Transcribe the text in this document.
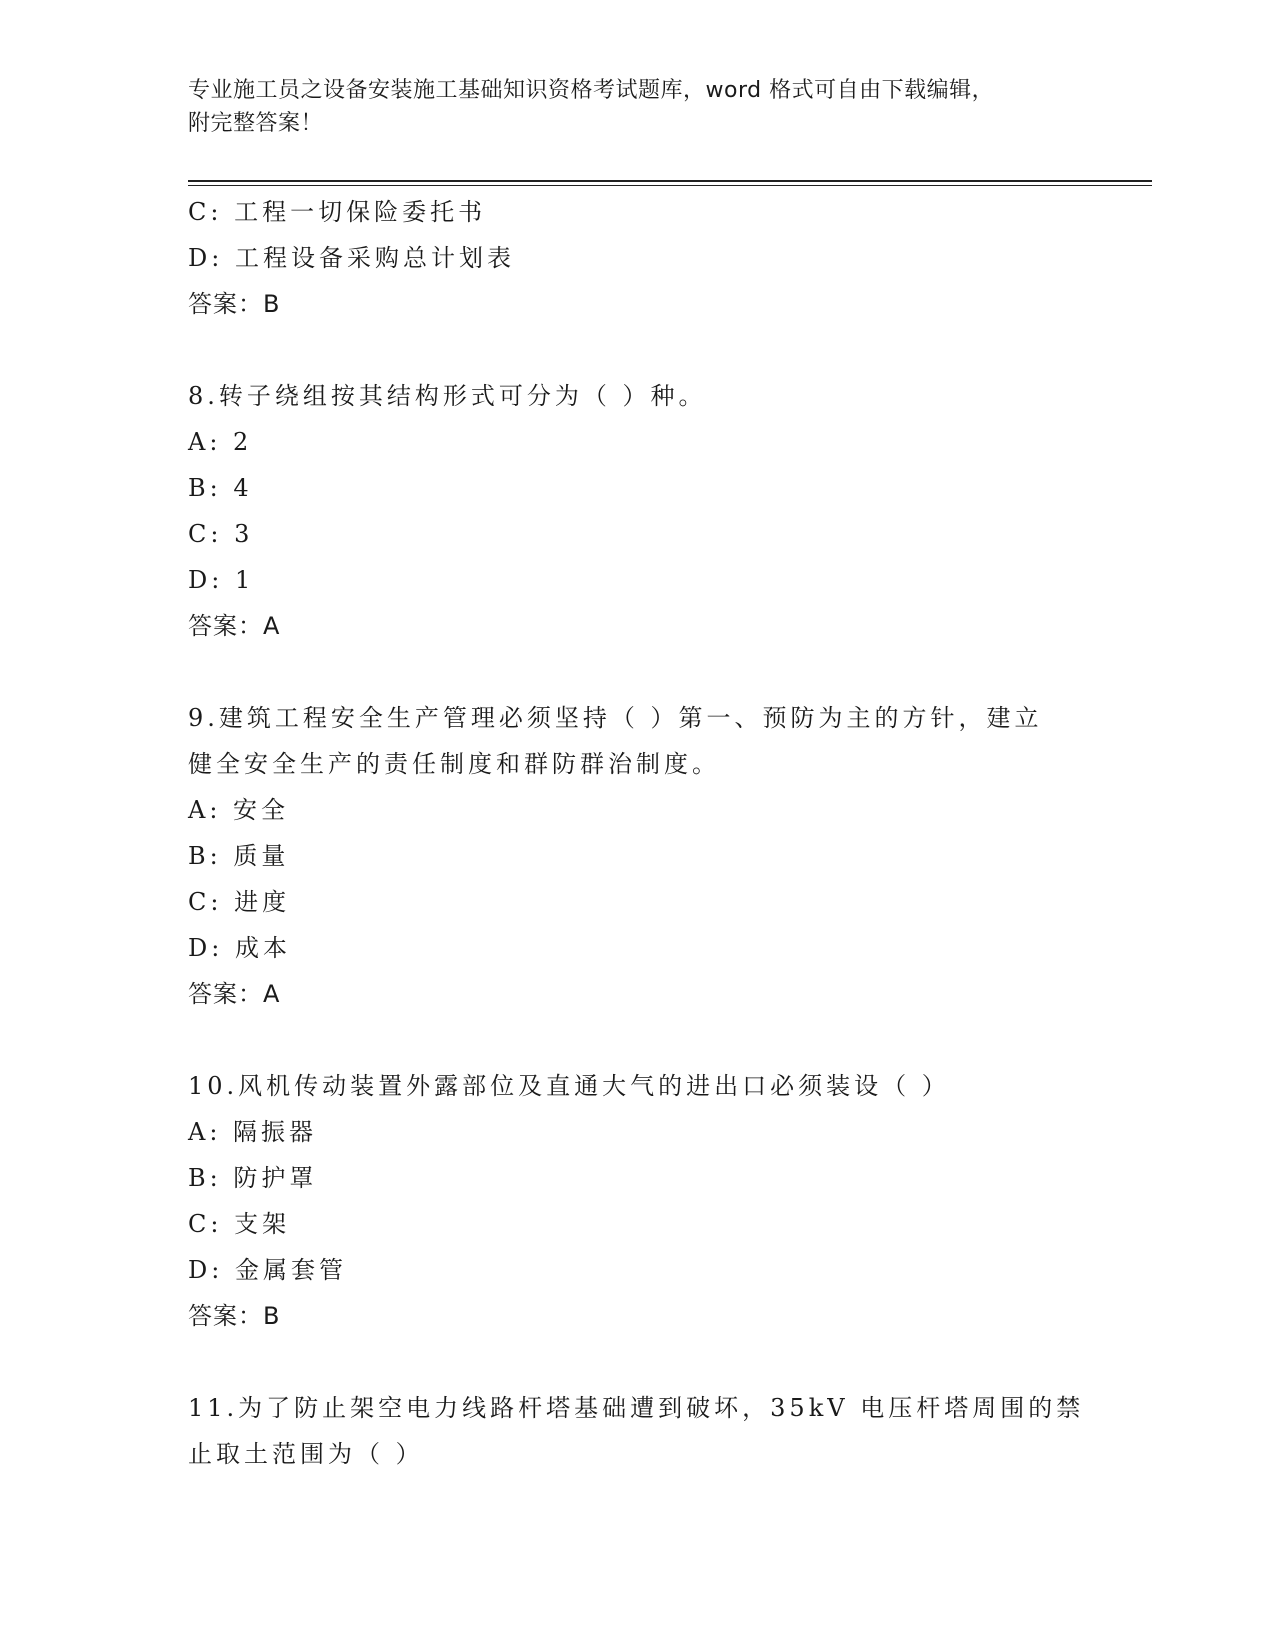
专业施工员之设备安装施工基础知识资格考试题库，word 格式可自由下载编辑，
附完整答案！
C: 工程一切保险委托书
D: 工程设备采购总计划表
答案：B
8.转子绕组按其结构形式可分为（ ）种。
A: 2
B: 4
C: 3
D: 1
答案：A
9.建筑工程安全生产管理必须坚持（ ）第一、预防为主的方针，建立
健全安全生产的责任制度和群防群治制度。
A: 安全
B: 质量
C: 进度
D: 成本
答案：A
10.风机传动装置外露部位及直通大气的进出口必须装设（ ）
A: 隔振器
B: 防护罩
C: 支架
D: 金属套管
答案：B
11.为了防止架空电力线路杆塔基础遭到破坏，35kV 电压杆塔周围的禁
止取土范围为（ ）
